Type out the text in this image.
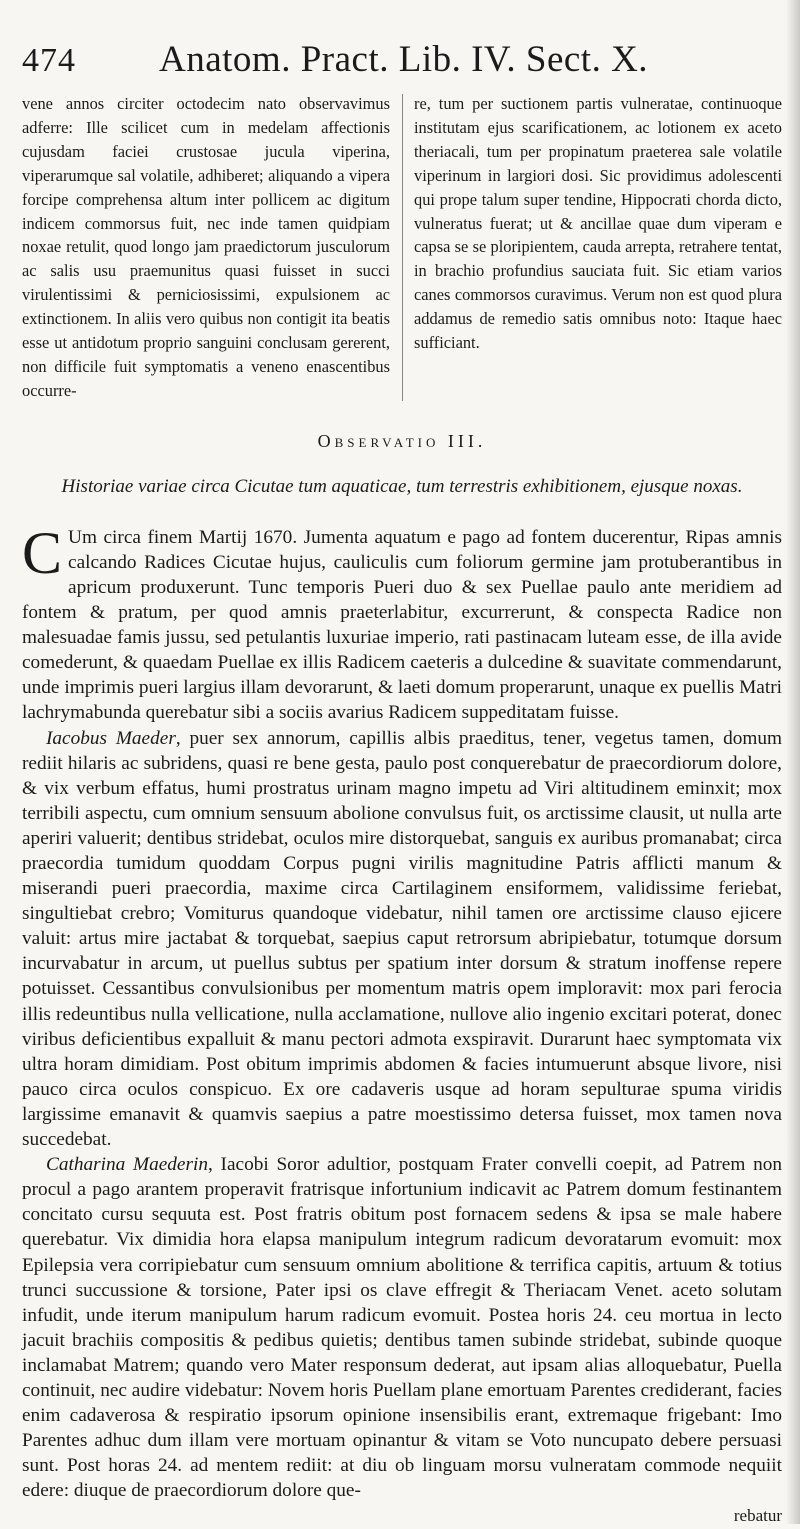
474 Anatom. Pract. Lib. IV. Sect. X.

vene annos circiter octodecim nato observavimus adferre: Ille scilicet cum in medelam affectionis cujusdam faciei crustosae jucula viperina, viperarumque sal volatile, adhiberet; aliquando a vipera forcipe comprehensa altum inter pollicem ac digitum indicem commorsus fuit, nec inde tamen quidpiam noxae retulit, quod longo jam praedictorum jusculorum ac salis usu praemunitus quasi fuisset in succi virulentissimi & perniciosissimi, expulsionem ac extinctionem. In aliis vero quibus non contigit ita beatis esse ut antidotum proprio sanguini conclusam gererent, non difficile fuit symptomatis a veneno enascentibus occurre-

re, tum per suctionem partis vulneratae, continuoque institutam ejus scarificationem, ac lotionem ex aceto theriacali, tum per propinatum praeterea sale volatile viperinum in largiori dosi. Sic providimus adolescenti qui prope talum super tendine, Hippocrati chorda dicto, vulneratus fuerat; ut & ancillae quae dum viperam e capsa se se ploripientem, cauda arrepta, retrahere tentat, in brachio profundius sauciata fuit. Sic etiam varios canes commorsos curavimus. Verum non est quod plura addamus de remedio satis omnibus noto: Itaque haec sufficiant.

Observatio III.
Historiae variae circa Cicutae tum aquaticae, tum terrestris exhibitionem, ejusque noxas.

C Um circa finem Martij 1670. Jumenta aquatum e pago ad fontem ducerentur, Ripas amnis calcando Radices Cicutae hujus, cauliculis cum foliorum germine jam protuberantibus in apricum produxerunt. Tunc temporis Pueri duo & sex Puellae paulo ante meridiem ad fontem & pratum, per quod amnis praeterlabitur, excurrerunt, & conspecta Radice non malesuadae famis jussu, sed petulantis luxuriae imperio, rati pastinacam luteam esse, de illa avide comederunt, & quaedam Puellae ex illis Radicem caeteris a dulcedine & suavitate commendarunt, unde imprimis pueri largius illam devorarunt, & laeti domum properarunt, unaque ex puellis Matri lachrymabunda querebatur sibi a sociis avarius Radicem suppeditatam fuisse.

Iacobus Maeder, puer sex annorum, capillis albis praeditus, tener, vegetus tamen, domum rediit hilaris ac subridens, quasi re bene gesta, paulo post conquerebatur de praecordiorum dolore, & vix verbum effatus, humi prostratus urinam magno impetu ad Viri altitudinem eminxit; mox terribili aspectu, cum omnium sensuum abolione convulsus fuit, os arctissime clausit, ut nulla arte aperiri valuerit; dentibus stridebat, oculos mire distorquebat, sanguis ex auribus promanabat; circa praecordia tumidum quoddam Corpus pugni virilis magnitudine Patris afflicti manum & miserandi pueri praecordia, maxime circa Cartilaginem ensiformem, validissime feriebat, singultiebat crebro; Vomiturus quandoque videbatur, nihil tamen ore arctissime clauso ejicere valuit: artus mire jactabat & torquebat, saepius caput retrorsum abripiebatur, totumque dorsum incurvabatur in arcum, ut puellus subtus per spatium inter dorsum & stratum inoffense repere potuisset. Cessantibus convulsionibus per momentum matris opem imploravit: mox pari ferocia illis redeuntibus nulla vellicatione, nulla acclamatione, nullove alio ingenio excitari poterat, donec viribus deficientibus expalluit & manu pectori admota exspiravit. Durarunt haec symptomata vix ultra horam dimidiam. Post obitum imprimis abdomen & facies intumuerunt absque livore, nisi pauco circa oculos conspicuo. Ex ore cadaveris usque ad horam sepulturae spuma viridis largissime emanavit & quamvis saepius a patre moestissimo detersa fuisset, mox tamen nova succedebat.

Catharina Maederin, Iacobi Soror adultior, postquam Frater convelli coepit, ad Patrem non procul a pago arantem properavit fratrisque infortunium indicavit ac Patrem domum festinantem concitato cursu sequuta est. Post fratris obitum post fornacem sedens & ipsa se male habere querebatur. Vix dimidia hora elapsa manipulum integrum radicum devoratarum evomuit: mox Epilepsia vera corripiebatur cum sensuum omnium abolitione & terrifica capitis, artuum & totius trunci succussione & torsione, Pater ipsi os clave effregit & Theriacam Venet. aceto solutam infudit, unde iterum manipulum harum radicum evomuit. Postea horis 24. ceu mortua in lecto jacuit brachiis compositis & pedibus quietis; dentibus tamen subinde stridebat, subinde quoque inclamabat Matrem; quando vero Mater responsum dederat, aut ipsam alias alloquebatur, Puella continuit, nec audire videbatur: Novem horis Puellam plane emortuam Parentes crediderant, facies enim cadaverosa & respiratio ipsorum opinione insensibilis erant, extremaque frigebant: Imo Parentes adhuc dum illam vere mortuam opinantur & vitam se Voto nuncupato debere persuasi sunt. Post horas 24. ad mentem rediit: at diu ob linguam morsu vulneratam commode nequiit edere: diuque de praecordiorum dolore que-

rebatur
